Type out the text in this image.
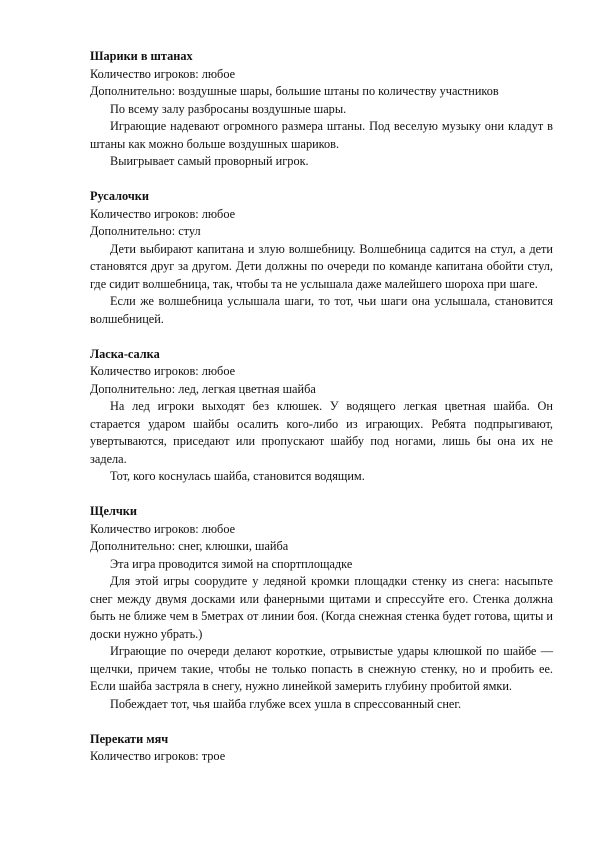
Шарики в штанах

Количество игроков: любое

Дополнительно: воздушные шары, большие штаны по количеству участников

По всему залу разбросаны воздушные шары.

Играющие надевают огромного размера штаны. Под веселую музыку они кладут в штаны как можно больше воздушных шариков.

Выигрывает самый проворный игрок.

Русалочки

Количество игроков: любое

Дополнительно: стул

Дети выбирают капитана и злую волшебницу. Волшебница садится на стул, а дети становятся друг за другом. Дети должны по очереди по команде капитана обойти стул, где сидит волшебница, так, чтобы та не услышала даже малейшего шороха при шаге.

Если же волшебница услышала шаги, то тот, чьи шаги она услышала, становится волшебницей.

Ласка-салка

Количество игроков: любое

Дополнительно: лед, легкая цветная шайба

На лед игроки выходят без клюшек. У водящего легкая цветная шайба. Он старается ударом шайбы осалить кого-либо из играющих. Ребята подпрыгивают, увертываются, приседают или пропускают шайбу под ногами, лишь бы она их не задела.

Тот, кого коснулась шайба, становится водящим.

Щелчки

Количество игроков: любое

Дополнительно: снег, клюшки, шайба

Эта игра проводится зимой на спортплощадке

Для этой игры соорудите у ледяной кромки площадки стенку из снега: насыпьте снег между двумя досками или фанерными щитами и спрессуйте его. Стенка должна быть не ближе чем в 5метрах от линии боя. (Когда снежная стенка будет готова, щиты и доски нужно убрать.)

Играющие по очереди делают короткие, отрывистые удары клюшкой по шайбе — щелчки, причем такие, чтобы не только попасть в снежную стенку, но и пробить ее. Если шайба застряла в снегу, нужно линейкой замерить глубину пробитой ямки.

Побеждает тот, чья шайба глубже всех ушла в спрессованный снег.

Перекати мяч

Количество игроков: трое
